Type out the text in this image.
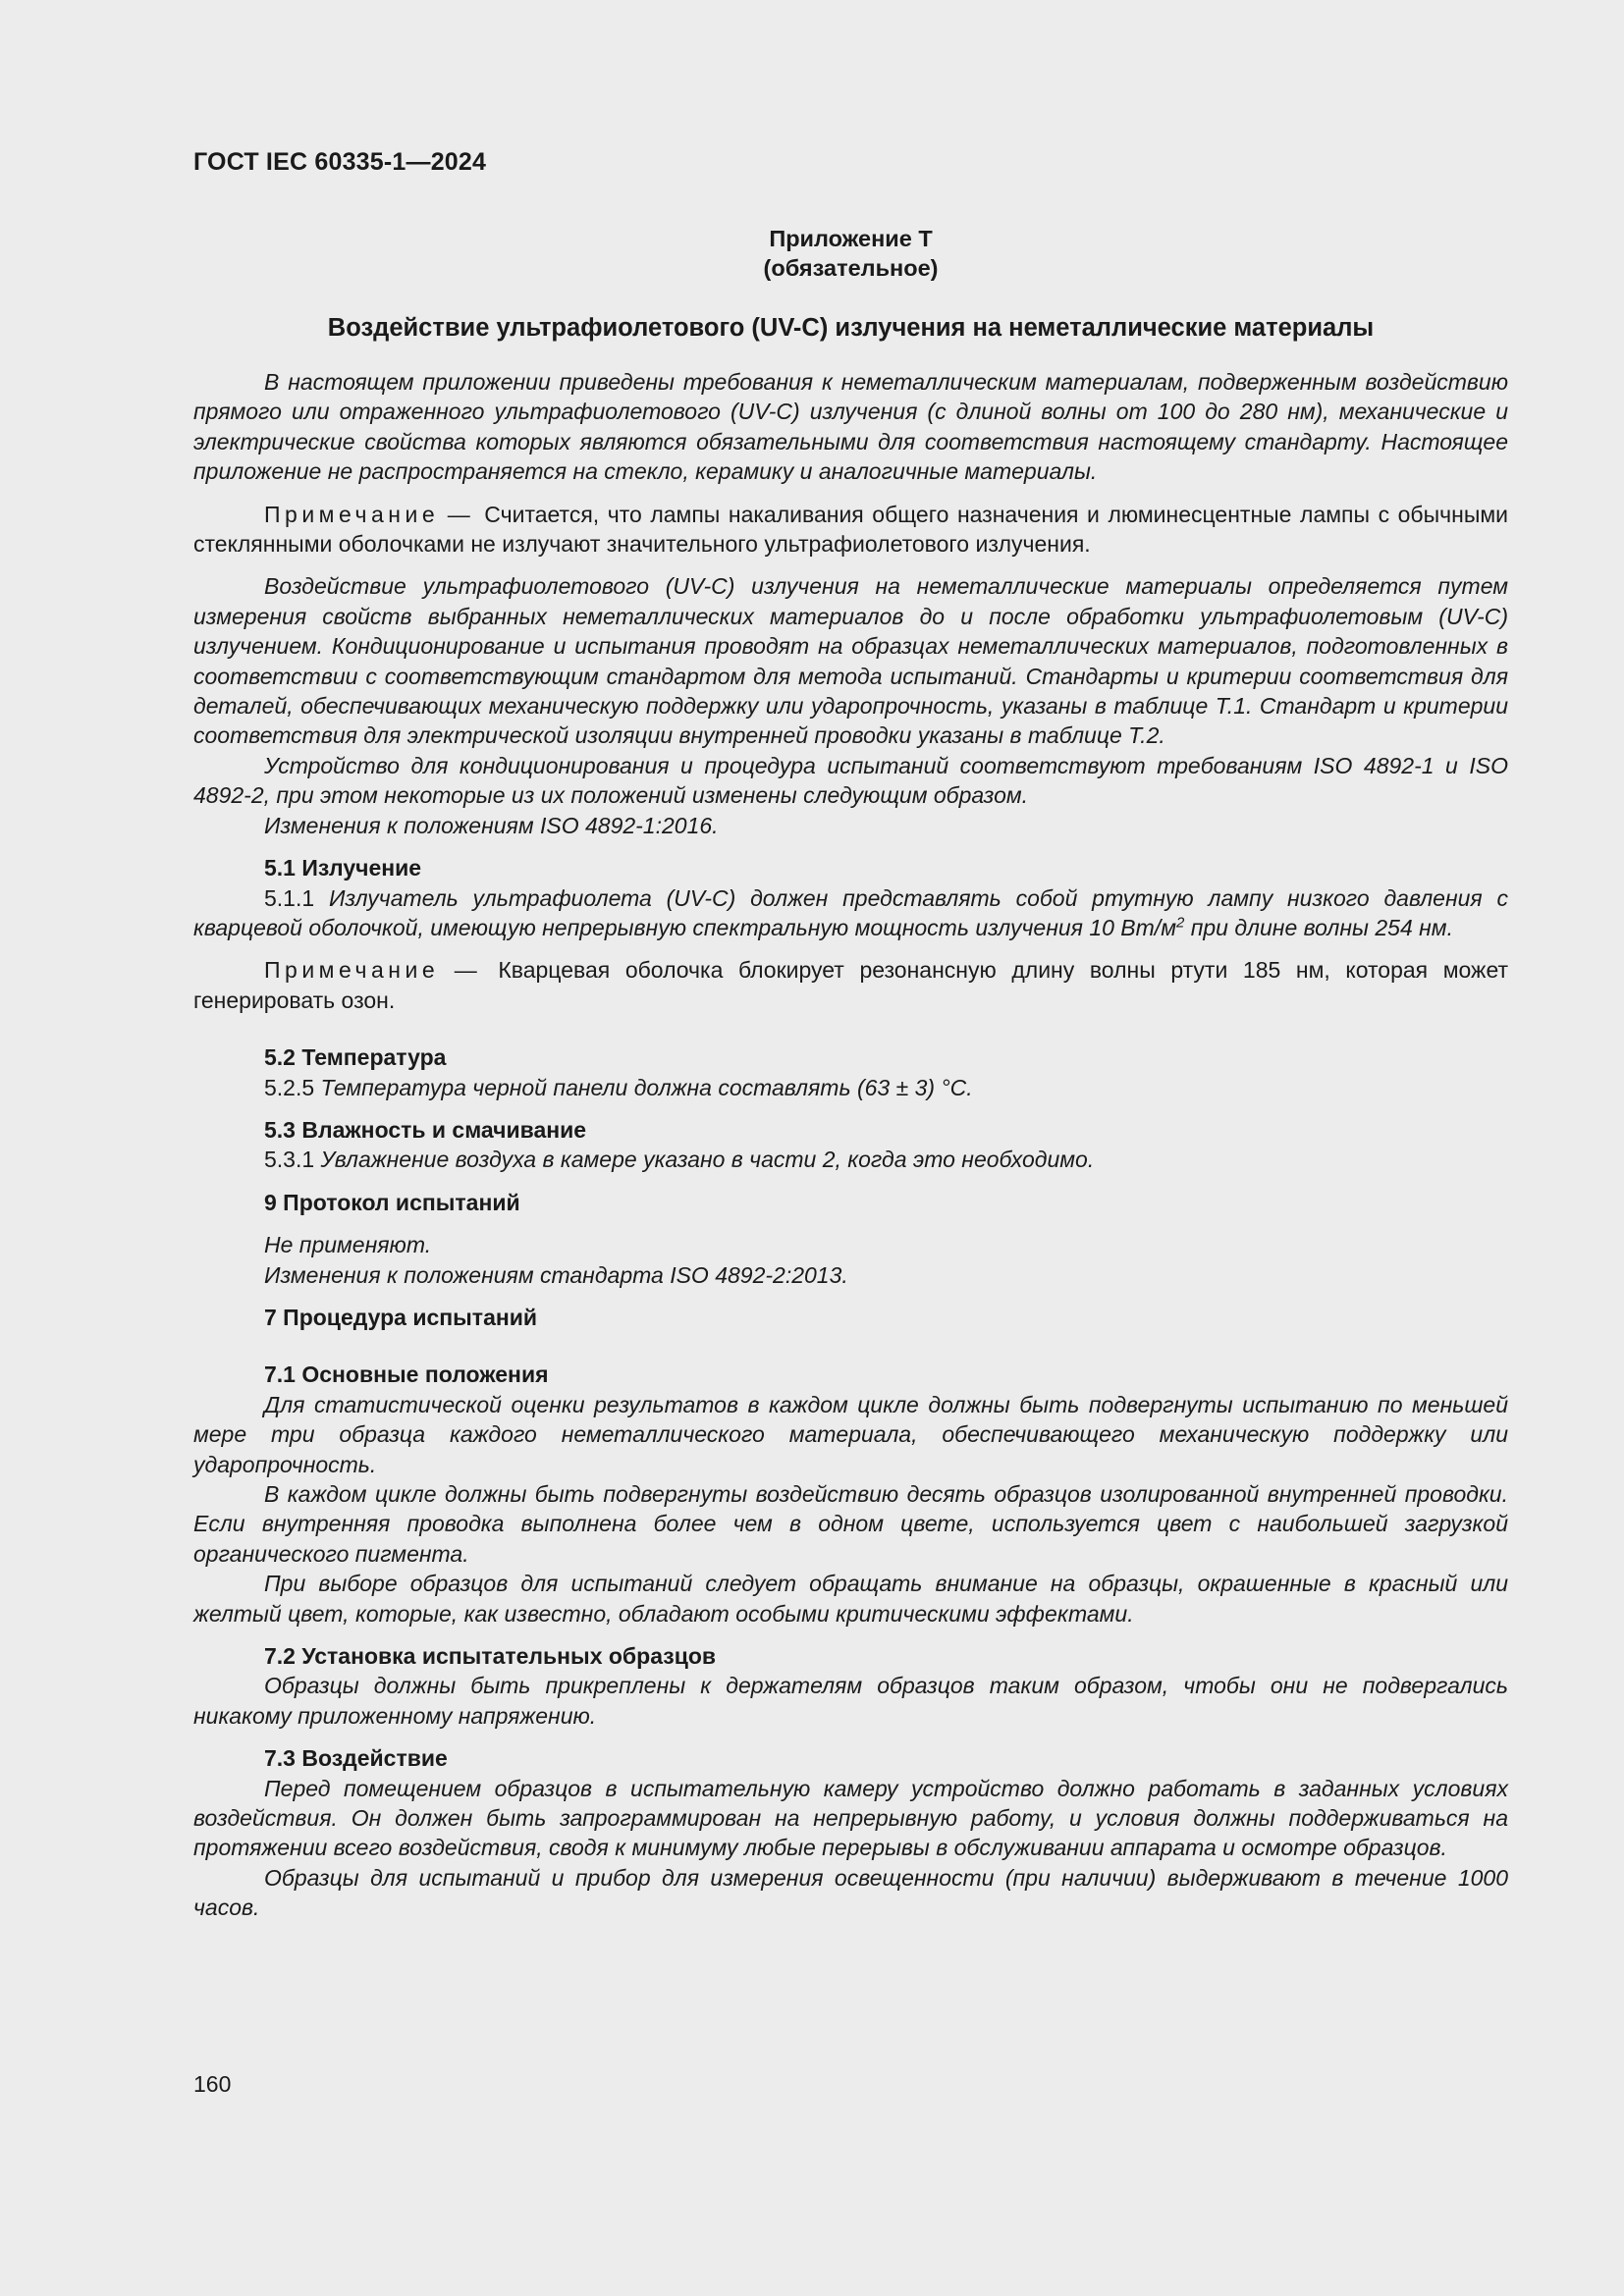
ГОСТ IEC 60335-1—2024

Приложение Т

(обязательное)

Воздействие ультрафиолетового (UV-C) излучения на неметаллические материалы

В настоящем приложении приведены требования к неметаллическим материалам, подверженным воздействию прямого или отраженного ультрафиолетового (UV-C) излучения (с длиной волны от 100 до 280 нм), механические и электрические свойства которых являются обязательными для соответствия настоящему стандарту. Настоящее приложение не распространяется на стекло, керамику и аналогичные материалы.

Примечание — Считается, что лампы накаливания общего назначения и люминесцентные лампы с обычными стеклянными оболочками не излучают значительного ультрафиолетового излучения.

Воздействие ультрафиолетового (UV-C) излучения на неметаллические материалы определяется путем измерения свойств выбранных неметаллических материалов до и после обработки ультрафиолетовым (UV-C) излучением. Кондиционирование и испытания проводят на образцах неметаллических материалов, подготовленных в соответствии с соответствующим стандартом для метода испытаний. Стандарты и критерии соответствия для деталей, обеспечивающих механическую поддержку или ударопрочность, указаны в таблице Т.1. Стандарт и критерии соответствия для электрической изоляции внутренней проводки указаны в таблице Т.2.

Устройство для кондиционирования и процедура испытаний соответствуют требованиям ISO 4892-1 и ISO 4892-2, при этом некоторые из их положений изменены следующим образом.

Изменения к положениям ISO 4892-1:2016.

5.1 Излучение

5.1.1 Излучатель ультрафиолета (UV-C) должен представлять собой ртутную лампу низкого давления с кварцевой оболочкой, имеющую непрерывную спектральную мощность излучения 10 $Вт/м^2$ при длине волны 254 нм.

Примечание — Кварцевая оболочка блокирует резонансную длину волны ртути 185 нм, которая может генерировать озон.

5.2 Температура

5.2.5 Температура черной панели должна составлять (63 ± 3) °С.

5.3 Влажность и смачивание

5.3.1 Увлажнение воздуха в камере указано в части 2, когда это необходимо.

9 Протокол испытаний

Не применяют.

Изменения к положениям стандарта ISO 4892-2:2013.

7 Процедура испытаний

7.1 Основные положения

Для статистической оценки результатов в каждом цикле должны быть подвергнуты испытанию по меньшей мере три образца каждого неметаллического материала, обеспечивающего механическую поддержку или ударопрочность.

В каждом цикле должны быть подвергнуты воздействию десять образцов изолированной внутренней проводки. Если внутренняя проводка выполнена более чем в одном цвете, используется цвет с наибольшей загрузкой органического пигмента.

При выборе образцов для испытаний следует обращать внимание на образцы, окрашенные в красный или желтый цвет, которые, как известно, обладают особыми критическими эффектами.

7.2 Установка испытательных образцов

Образцы должны быть прикреплены к держателям образцов таким образом, чтобы они не подвергались никакому приложенному напряжению.

7.3 Воздействие

Перед помещением образцов в испытательную камеру устройство должно работать в заданных условиях воздействия. Он должен быть запрограммирован на непрерывную работу, и условия должны поддерживаться на протяжении всего воздействия, сводя к минимуму любые перерывы в обслуживании аппарата и осмотре образцов.

Образцы для испытаний и прибор для измерения освещенности (при наличии) выдерживают в течение 1000 часов.

160
